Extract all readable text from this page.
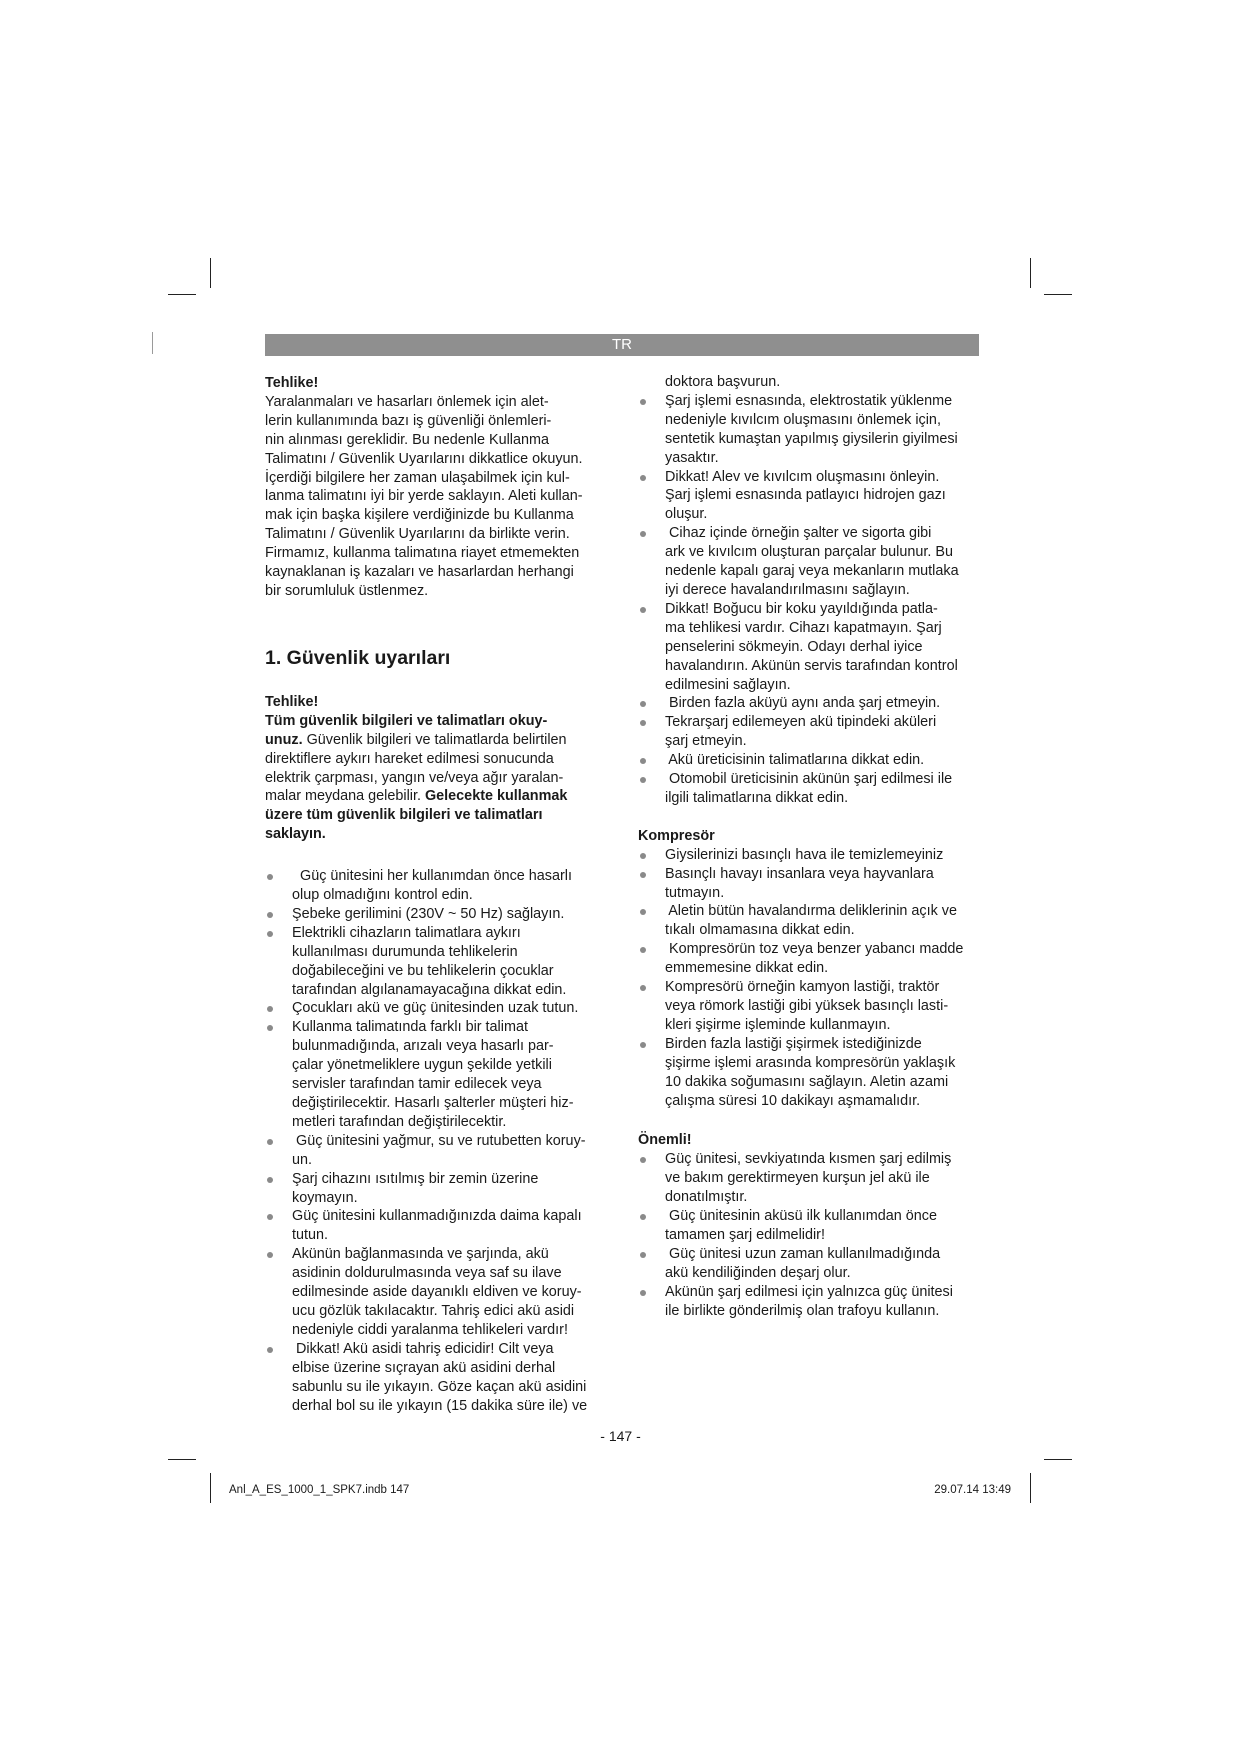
TR

Tehlike!

Yaralanmaları ve hasarları önlemek için alet-

lerin kullanımında bazı iş güvenliği önlemleri-

nin alınması gereklidir. Bu nedenle Kullanma

Talimatını / Güvenlik Uyarılarını dikkatlice okuyun.

İçerdiği bilgilere her zaman ulaşabilmek için kul-

lanma talimatını iyi bir yerde saklayın. Aleti kullan-

mak için başka kişilere verdiğinizde bu Kullanma

Talimatını / Güvenlik Uyarılarını da birlikte verin.

Firmamız, kullanma talimatına riayet etmemekten

kaynaklanan iş kazaları ve hasarlardan herhangi

bir sorumluluk üstlenmez.

1. Güvenlik uyarıları

Tehlike!

Tüm güvenlik bilgileri ve talimatları okuy-

unuz. Güvenlik bilgileri ve talimatlarda belirtilen

direktiflere aykırı hareket edilmesi sonucunda

elektrik çarpması, yangın ve/veya ağır yaralan-

malar meydana gelebilir. Gelecekte kullanmak

üzere tüm güvenlik bilgileri ve talimatları

saklayın.

Güç ünitesini her kullanımdan önce hasarlı
olup olmadığını kontrol edin.
Şebeke gerilimini (230V ~ 50 Hz) sağlayın.
Elektrikli cihazların talimatlara aykırı
kullanılması durumunda tehlikelerin
doğabileceğini ve bu tehlikelerin çocuklar
tarafından algılanamayacağına dikkat edin.
Çocukları akü ve güç ünitesinden uzak tutun.
Kullanma talimatında farklı bir talimat
bulunmadığında, arızalı veya hasarlı par-
çalar yönetmeliklere uygun şekilde yetkili
servisler tarafından tamir edilecek veya
değiştirilecektir. Hasarlı şalterler müşteri hiz-
metleri tarafından değiştirilecektir.
Güç ünitesini yağmur, su ve rutubetten koruy-
un.
Şarj cihazını ısıtılmış bir zemin üzerine
koymayın.
Güç ünitesini kullanmadığınızda daima kapalı
tutun.
Akünün bağlanmasında ve şarjında, akü
asidinin doldurulmasında veya saf su ilave
edilmesinde aside dayanıklı eldiven ve koruy-
ucu gözlük takılacaktır. Tahriş edici akü asidi
nedeniyle ciddi yaralanma tehlikeleri vardır!
Dikkat! Akü asidi tahriş edicidir! Cilt veya
elbise üzerine sıçrayan akü asidini derhal
sabunlu su ile yıkayın. Göze kaçan akü asidini
derhal bol su ile yıkayın (15 dakika süre ile) ve

doktora başvurun.

Şarj işlemi esnasında, elektrostatik yüklenme
nedeniyle kıvılcım oluşmasını önlemek için,
sentetik kumaştan yapılmış giysilerin giyilmesi
yasaktır.
Dikkat! Alev ve kıvılcım oluşmasını önleyin.
Şarj işlemi esnasında patlayıcı hidrojen gazı
oluşur.
Cihaz içinde örneğin şalter ve sigorta gibi
ark ve kıvılcım oluşturan parçalar bulunur. Bu
nedenle kapalı garaj veya mekanların mutlaka
iyi derece havalandırılmasını sağlayın.
Dikkat! Boğucu bir koku yayıldığında patla-
ma tehlikesi vardır. Cihazı kapatmayın. Şarj
penselerini sökmeyin. Odayı derhal iyice
havalandırın. Akünün servis tarafından kontrol
edilmesini sağlayın.
Birden fazla aküyü aynı anda şarj etmeyin.
Tekrarşarj edilemeyen akü tipindeki aküleri
şarj etmeyin.
Akü üreticisinin talimatlarına dikkat edin.
Otomobil üreticisinin akünün şarj edilmesi ile
ilgili talimatlarına dikkat edin.

Kompresör

Giysilerinizi basınçlı hava ile temizlemeyiniz
Basınçlı havayı insanlara veya hayvanlara
tutmayın.
Aletin bütün havalandırma deliklerinin açık ve
tıkalı olmamasına dikkat edin.
Kompresörün toz veya benzer yabancı madde
emmemesine dikkat edin.
Kompresörü örneğin kamyon lastiği, traktör
veya römork lastiği gibi yüksek basınçlı lasti-
kleri şişirme işleminde kullanmayın.
Birden fazla lastiği şişirmek istediğinizde
şişirme işlemi arasında kompresörün yaklaşık
10 dakika soğumasını sağlayın. Aletin azami
çalışma süresi 10 dakikayı aşmamalıdır.

Önemli!

Güç ünitesi, sevkiyatında kısmen şarj edilmiş
ve bakım gerektirmeyen kurşun jel akü ile
donatılmıştır.
Güç ünitesinin aküsü ilk kullanımdan önce
tamamen şarj edilmelidir!
Güç ünitesi uzun zaman kullanılmadığında
akü kendiliğinden deşarj olur.
Akünün şarj edilmesi için yalnızca güç ünitesi
ile birlikte gönderilmiş olan trafoyu kullanın.
- 147 -
Anl_A_ES_1000_1_SPK7.indb 147	29.07.14 13:49
